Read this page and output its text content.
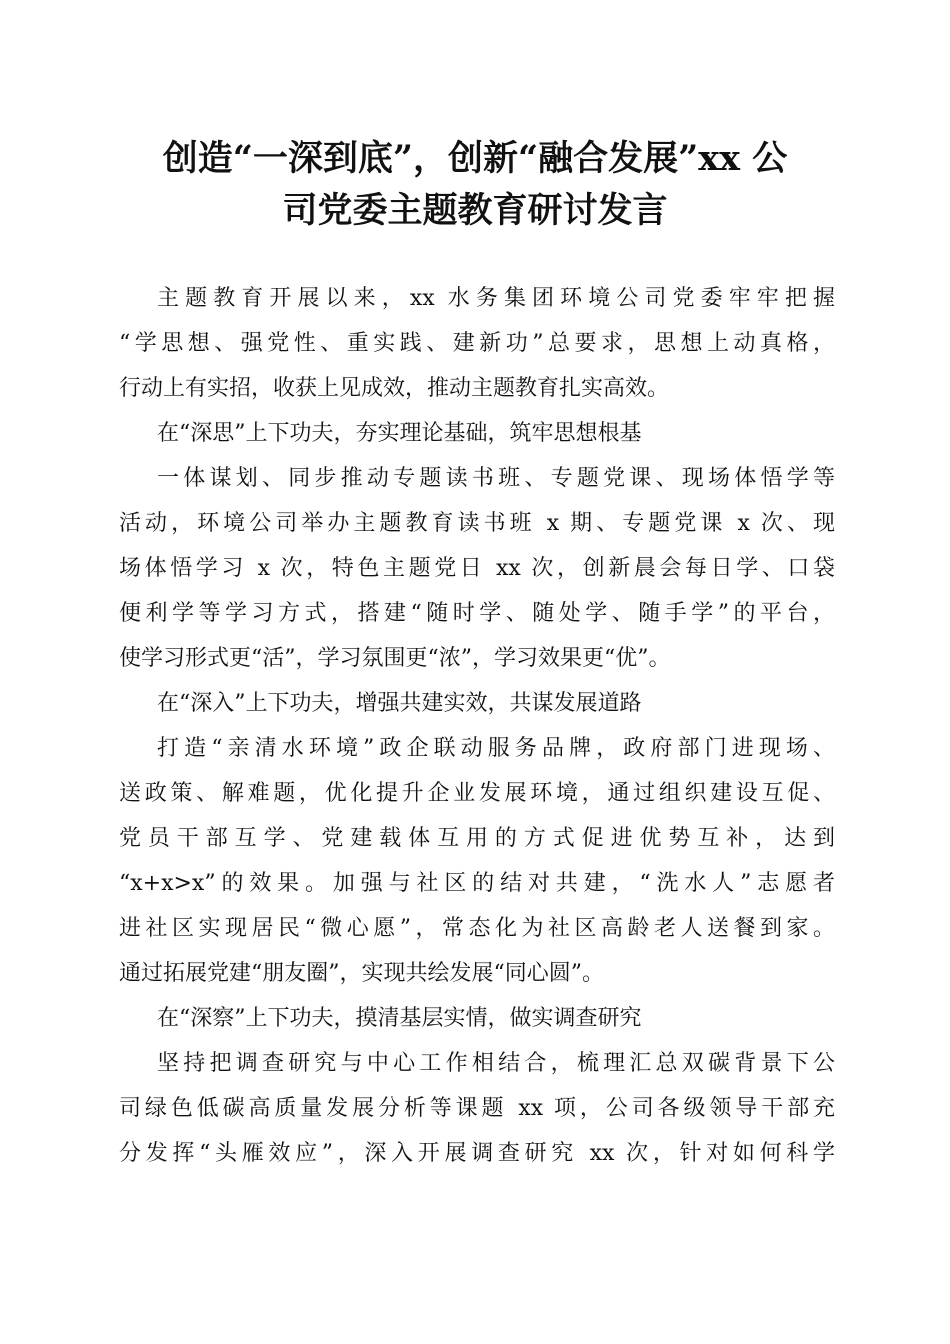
创造“一深到底”，创新“融合发展”xx 公
司党委主题教育研讨发言
主题教育开展以来，xx 水务集团环境公司党委牢牢把握
“学思想、强党性、重实践、建新功”总要求，思想上动真格，
行动上有实招，收获上见成效，推动主题教育扎实高效。
在“深思”上下功夫，夯实理论基础，筑牢思想根基
一体谋划、同步推动专题读书班、专题党课、现场体悟学等
活动，环境公司举办主题教育读书班 x 期、专题党课 x 次、现
场体悟学习 x 次，特色主题党日 xx 次，创新晨会每日学、口袋
便利学等学习方式，搭建“随时学、随处学、随手学”的平台，
使学习形式更“活”，学习氛围更“浓”，学习效果更“优”。
在“深入”上下功夫，增强共建实效，共谋发展道路
打造“亲清水环境”政企联动服务品牌，政府部门进现场、
送政策、解难题，优化提升企业发展环境，通过组织建设互促、
党员干部互学、党建载体互用的方式促进优势互补，达到
“x+x>x”的效果。加强与社区的结对共建，“洗水人”志愿者
进社区实现居民“微心愿”，常态化为社区高龄老人送餐到家。
通过拓展党建“朋友圈”，实现共绘发展“同心圆”。
在“深察”上下功夫，摸清基层实情，做实调查研究
坚持把调查研究与中心工作相结合，梳理汇总双碳背景下公
司绿色低碳高质量发展分析等课题 xx 项，公司各级领导干部充
分发挥“头雁效应”，深入开展调查研究 xx 次，针对如何科学
